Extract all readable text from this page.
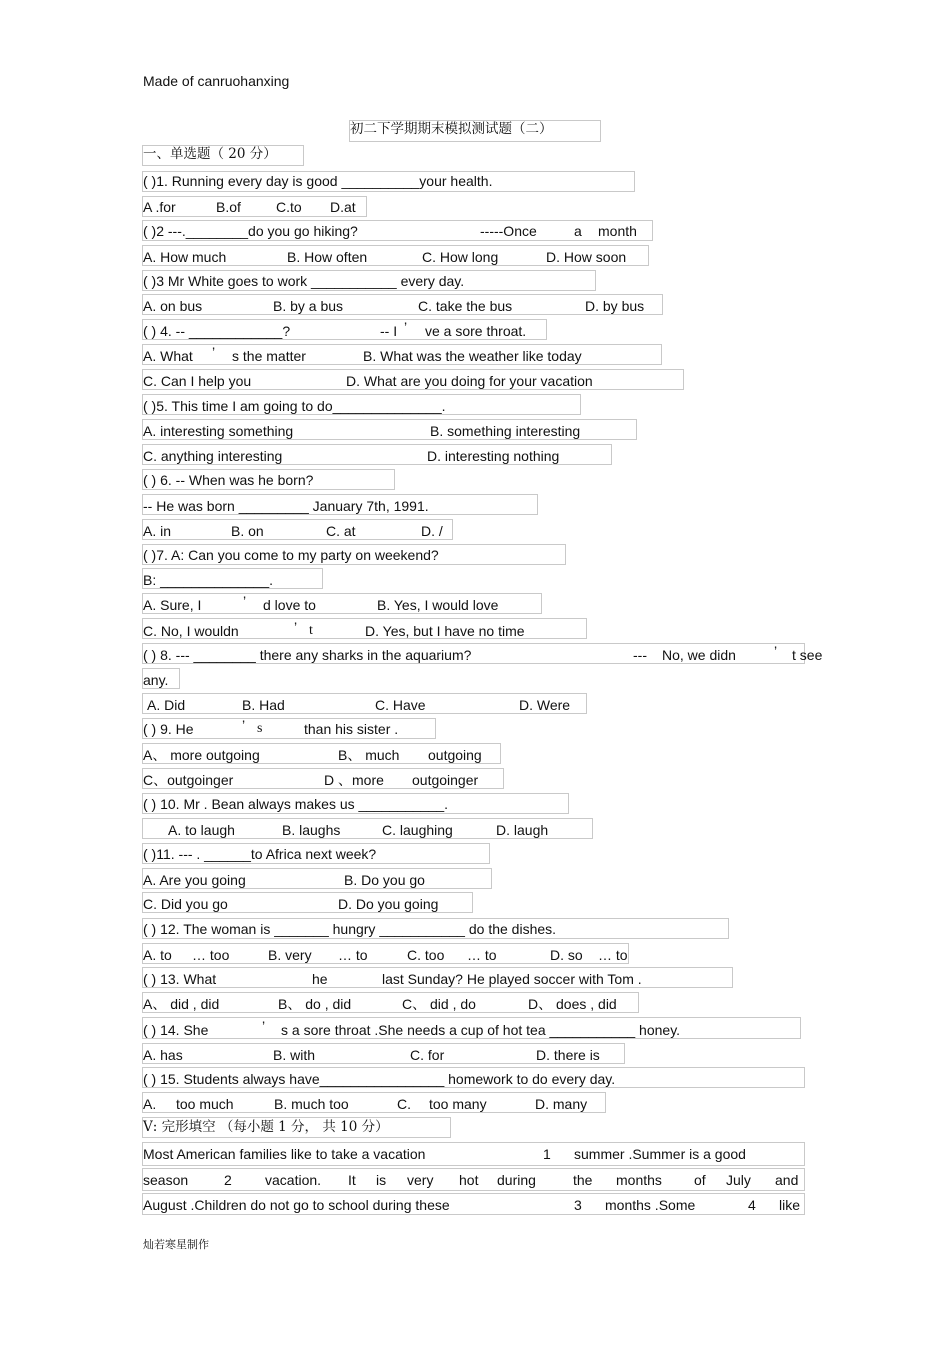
Made of canruohanxing
初二下学期期末模拟测试题（二）
一、单选题（ 20 分）
( )1. Running every day is good __________your health.
A .for	B.of	C.to D.at
( )2 ---.________do you go hiking?	-----Once	a month
A. How much	B. How often	C. How long	D. How soon
( )3 Mr White goes to work ___________ every day.
A. on bus	B. by a bus	C. take the bus	D. by bus
( ) 4. -- ____________?	-- I ’ ve a sore throat.
A. What ’ s the matter	B. What was the weather like today
C. Can I help you	D. What are you doing for your vacation
( )5. This time I am going to do______________.
A. interesting something	B. something interesting
C. anything interesting	D. interesting nothing
( ) 6. -- When was he born?
-- He was born _________ January 7th, 1991.
A. in	B. on	C. at	D. /
( )7. A: Can you come to my party on weekend?
B: ______________.
A. Sure, I	’ d love to	B. Yes, I would love
C. No, I wouldn	’ t	D. Yes, but I have no time
( ) 8. --- ________ there any sharks in the aquarium?	--- No, we didn	’ t see
any.
A. Did	B. Had	C. Have	D. Were
( ) 9. He	’ s	than his sister .
A、 more outgoing	B、 much outgoing
C、outgoinger	D 、more outgoinger
( ) 10. Mr . Bean always makes us ___________.
A. to laugh	B. laughs	C. laughing	D. laugh
( )11. --- . ______to Africa next week?
A. Are you going	B. Do you go
C. Did you go	D. Do you going
( ) 12. The woman is _______ hungry ___________ do the dishes.
A. to … too	B. very … to	C. too … to	D. so … to
( ) 13. What	he	last Sunday? He played soccer with Tom .
A、 did , did	B、 do , did	C、 did , do	D、 does , did
( ) 14. She	’ s a sore throat .She needs a cup of hot tea ___________ honey.
A. has	B. with	C. for	D. there is
( ) 15. Students always have________________ homework to do every day.
A. too much	B. much too	C. too many	D. many
Ⅴ: 完形填空 （每小题 1 分， 共 10 分）
Most American families like to take a vacation	1 summer .Summer is a good
season	2 vacation. It is very hot during	the months of July and
August .Children do not go to school during these	3 months .Some	4 like
灿若寒星制作
